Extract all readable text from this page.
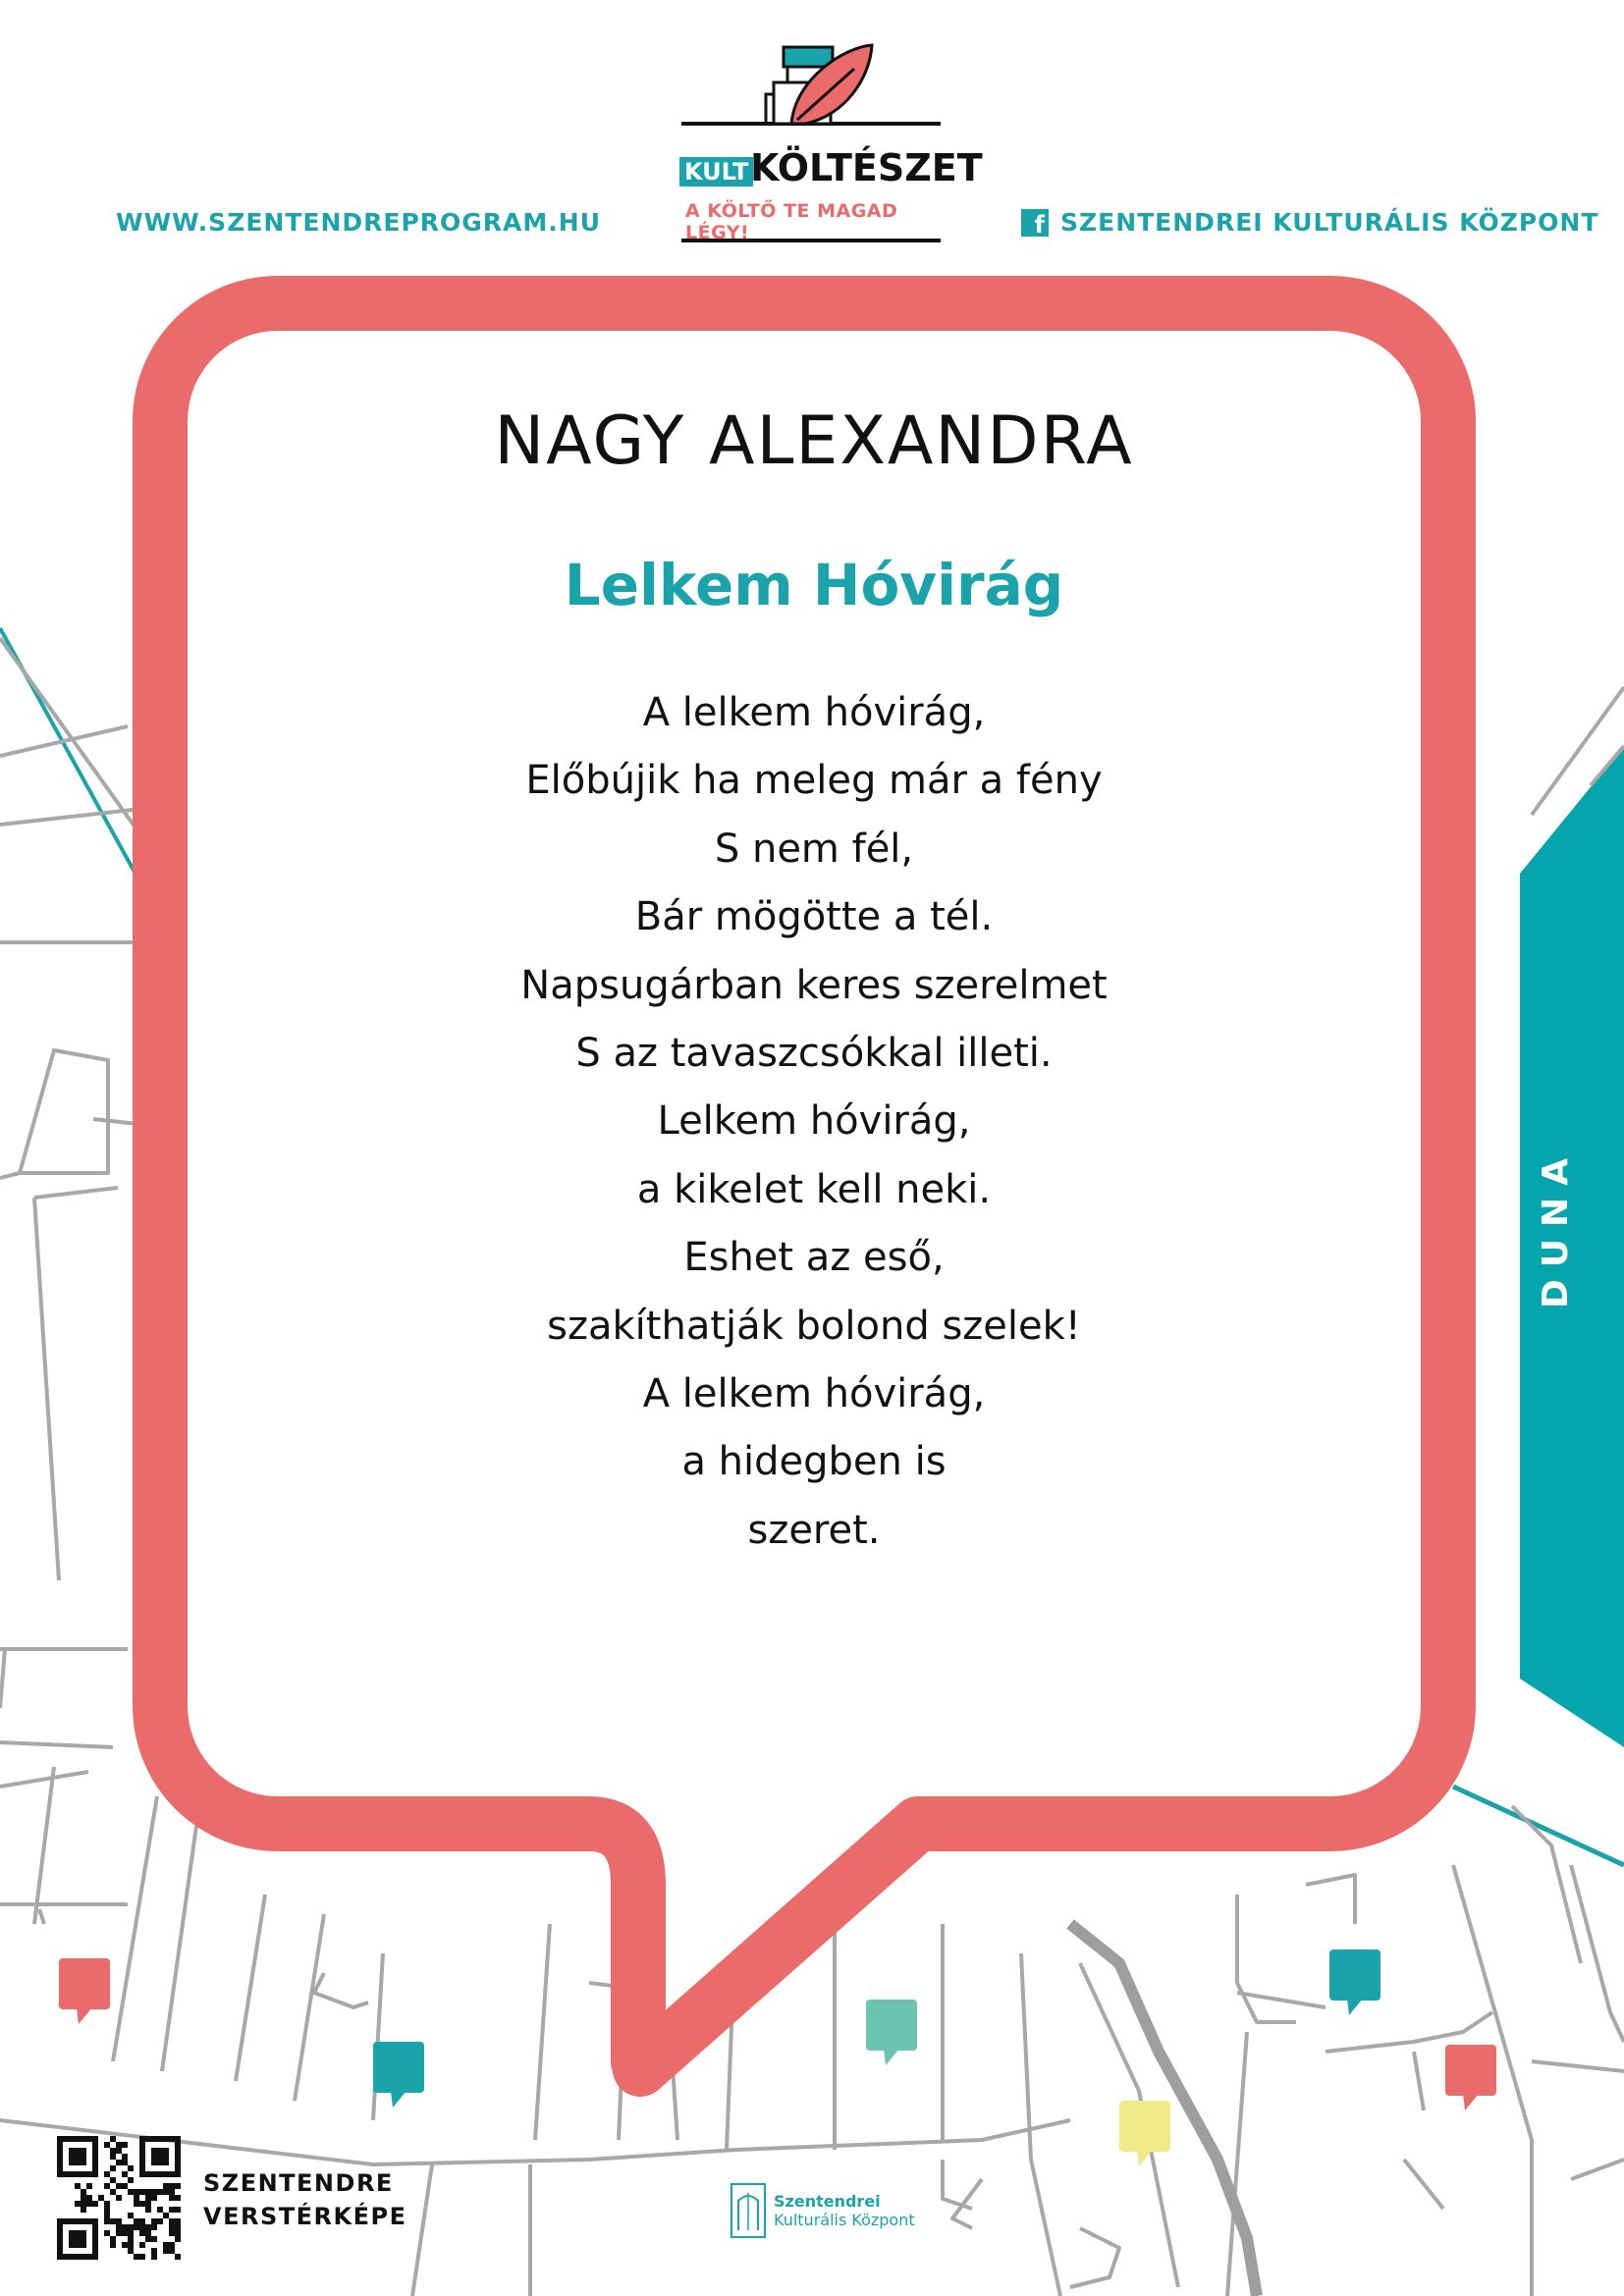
WWW.SZENTENDREPROGRAM.HU	f SZENTENDREI KULTURÁLIS KÖZPONT
KULT KÖLTÉSZET
A KÖLTŐ TE MAGAD LÉGY!
NAGY ALEXANDRA
Lelkem Hóvirág
A lelkem hóvirág,
Előbújik ha meleg már a fény
S nem fél,
Bár mögötte a tél.
Napsugárban keres szerelmet
S az tavaszcsókkal illeti.
Lelkem hóvirág,
a kikelet kell neki.
Eshet az eső,
szakíthatják bolond szelek!
A lelkem hóvirág,
a hidegben is
szeret.
DUNA
SZENTENDRE
VERSTÉRKÉPE
Szentendrei
Kulturális Központ
